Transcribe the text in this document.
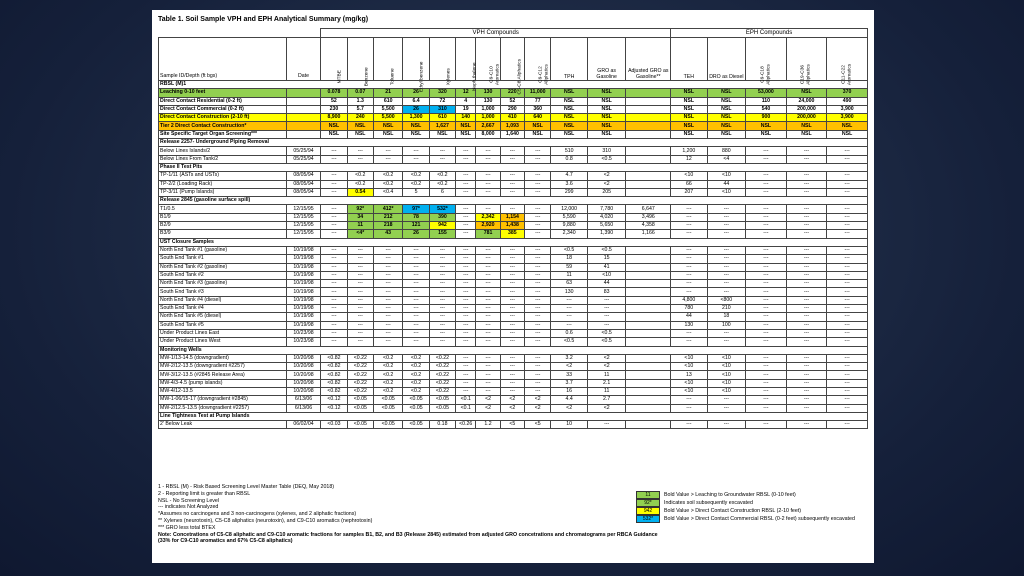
Table 1. Soil Sample VPH and EPH Analytical Summary (mg/kg)
		VPH Compounds												EPH Compounds				
Sample ID/Depth (ft bgs)	Date	MTBE	Benzene	Toluene	Ethyl benzene	Xylenes	Naph thalene	C9-C10 Aromatics	C5-C8 Aliphatics	C9-C12 Aliphatics	TPH	GRO as Gasoline	Adjusted GRO as Gasoline**	TEH	DRO as Diesel	C9-C18 Aliphatics	C19-C36 Aliphatics	C11-C22 Aromatics
RBSL (M)1																		
Leaching 0-10 feet		0.078	0.07	21	26	320	12	130	220	11,000	NSL	NSL		NSL	NSL	53,000	NSL	370
Direct Contact Residential (0-2 ft)		52	1.3	610	6.4	72	4	130	52	77	NSL	NSL		NSL	NSL	110	24,000	490
Direct Contact Commercial (0-2 ft)		230	5.7	5,500	26	310	19	1,000	290	360	NSL	NSL		NSL	NSL	540	200,000	3,900
Direct Contact Construction (2-10 ft)		8,900	240	5,500	1,300	610	140	1,000	410	640	NSL	NSL		NSL	NSL	900	200,000	3,900
Tier 2 Direct Contact Construction*		NSL	NSL	NSL	NSL	1,627	NSL	2,667	1,093	NSL	NSL	NSL		NSL	NSL	NSL	NSL	NSL
Site Specific Target Organ Screening***		NSL	NSL	NSL	NSL	NSL	NSL	8,000	1,640	NSL	NSL	NSL		NSL	NSL	NSL	NSL	NSL
Release 2257- Underground Piping Removal																		
Below Lines Islands/2	05/25/94	---	---	---	---	---	---	---	---	---	510	310		1,200	880	---	---	---
Below Lines From Tank/2	05/25/94	---	---	---	---	---	---	---	---	---	0.8	<0.5		12	<4	---	---	---
Phase II Test Pits																		
TP-1/11 (ASTs and USTs)	08/05/94	---	<0.2	<0.2	<0.2	<0.2	---	---	---	---	4.7	<2		<10	<10	---	---	---
TP-2/2 (Loading Rack)	08/05/94	---	<0.2	<0.2	<0.2	<0.2	---	---	---	---	3.6	<2		66	44	---	---	---
TP-3/11 (Pump Islands)	08/05/94	---	0.54	<0.4	5	6	---	---	---	---	299	205		207	<10	---	---	---
Release 2845 (gasoline surface spill)																		
T1/0.5	12/15/95	---	92*	412*	97*	532*	---	---	---	---	12,000	7,780	6,647	---	---	---	---	---
B1/9	12/15/95	---	34	212	78	390	---	2,342	1,154	---	5,590	4,020	3,496	---	---	---	---	---
B2/9	12/15/95	---	11	218	121	942	---	2,920	1,438	---	9,880	5,650	4,358	---	---	---	---	---
B3/9	12/15/95	---	<4*	43	26	155	---	781	385	---	2,340	1,390	1,166	---	---	---	---	---
UST Closure Samples																		
North End Tank #1 (gasoline)	10/19/98	---	---	---	---	---	---	---	---	---	<0.5	<0.5		---	---	---	---	---
South End Tank #1	10/19/98	---	---	---	---	---	---	---	---	---	18	15		---	---	---	---	---
North End Tank #2 (gasoline)	10/19/98	---	---	---	---	---	---	---	---	---	59	41		---	---	---	---	---
South End Tank #2	10/19/98	---	---	---	---	---	---	---	---	---	11	<10		---	---	---	---	---
North End Tank #3 (gasoline)	10/19/98	---	---	---	---	---	---	---	---	---	63	44		---	---	---	---	---
South End Tank #3	10/19/98	---	---	---	---	---	---	---	---	---	130	83		---	---	---	---	---
North End Tank #4 (diesel)	10/19/98	---	---	---	---	---	---	---	---	---	---	---		4,800	<800	---	---	---
South End Tank #4	10/19/98	---	---	---	---	---	---	---	---	---	---	---		780	210	---	---	---
North End Tank #5 (diesel)	10/19/98	---	---	---	---	---	---	---	---	---	---	---		44	18	---	---	---
South End Tank #5	10/19/98	---	---	---	---	---	---	---	---	---	---	---		130	100	---	---	---
Under Product Lines East	10/23/98	---	---	---	---	---	---	---	---	---	0.6	<0.5		---	---	---	---	---
Under Product Lines West	10/23/98	---	---	---	---	---	---	---	---	---	<0.5	<0.5		---	---	---	---	---
Monitoring Wells																		
MW-1/13-14.5 (downgradient)	10/20/98	<0.82	<0.22	<0.2	<0.2	<0.22	---	---	---	---	3.2	<2		<10	<10	---	---	---
MW-2/12-13.5 (downgradient #2257)	10/20/98	<0.82	<0.22	<0.2	<0.2	<0.22	---	---	---	---	<2	<2		<10	<10	---	---	---
MW-3/12-13.5 (#2845 Release Area)	10/20/98	<0.82	<0.22	<0.2	<0.2	<0.22	---	---	---	---	33	11		13	<10	---	---	---
MW-4/3-4.5 (pump islands)	10/20/98	<0.82	<0.22	<0.2	<0.2	<0.22	---	---	---	---	3.7	2.1		<10	<10	---	---	---
MW-4/12-13.5	10/20/98	<0.82	<0.22	<0.2	<0.2	<0.22	---	---	---	---	16	11		<10	<10	---	---	---
MW-1-06/15-17 (downgradient #2845)	6/13/06	<0.12	<0.05	<0.05	<0.05	<0.05	<0.1	<2	<2	<2	4.4	2.7		---	---	---	---	---
MW-2/12.5-13.5 (downgradient #2257)	6/13/06	<0.12	<0.05	<0.05	<0.05	<0.05	<0.1	<2	<2	<2	<2	<2		---	---	---	---	---
Line Tightness Test at Pump Islands																		
2' Below Leak	06/02/04	<0.03	<0.05	<0.05	<0.05	0.18	<0.26	1.2	<5	<5	10	---		---	---	---	---	---
1 - RBSL (M) - Risk Based Screening Level Master Table (DEQ, May 2018)
2 - Reporting limit is greater than RBSL
NSL - No Screening Level
--- indicates Not Analyzed
*Assumes no carcinogens and 3 non-carcinogens (xylenes, and 2 aliphatic fractions)
** Xylenes (neurotoxin), C5-C8 aliphatics (neurotoxin), and C9-C10 aromatics (nephrotoxin)
*** GRO less total BTEX
Note: Concetrations of C5-C8 aliphatic and C9-C10 aromatic fractions for samples B1, B2, and B3 (Release 2845) estimated from adjusted GRO concetrations and chromatograms per RBCA Guidance
(33% for C9-C10 aromatics and 67% C5-C8 aliphatics)
11	Bold Value > Leaching to Groundwater RBSL (0-10 feet)
92*	Indicates soil subsequently excavated
942	Bold Value > Direct Contact Construction RBSL (2-10 feet)
532*	Bold Value > Direct Contact Commercial RBSL (0-2 feet) subsequently excavated
